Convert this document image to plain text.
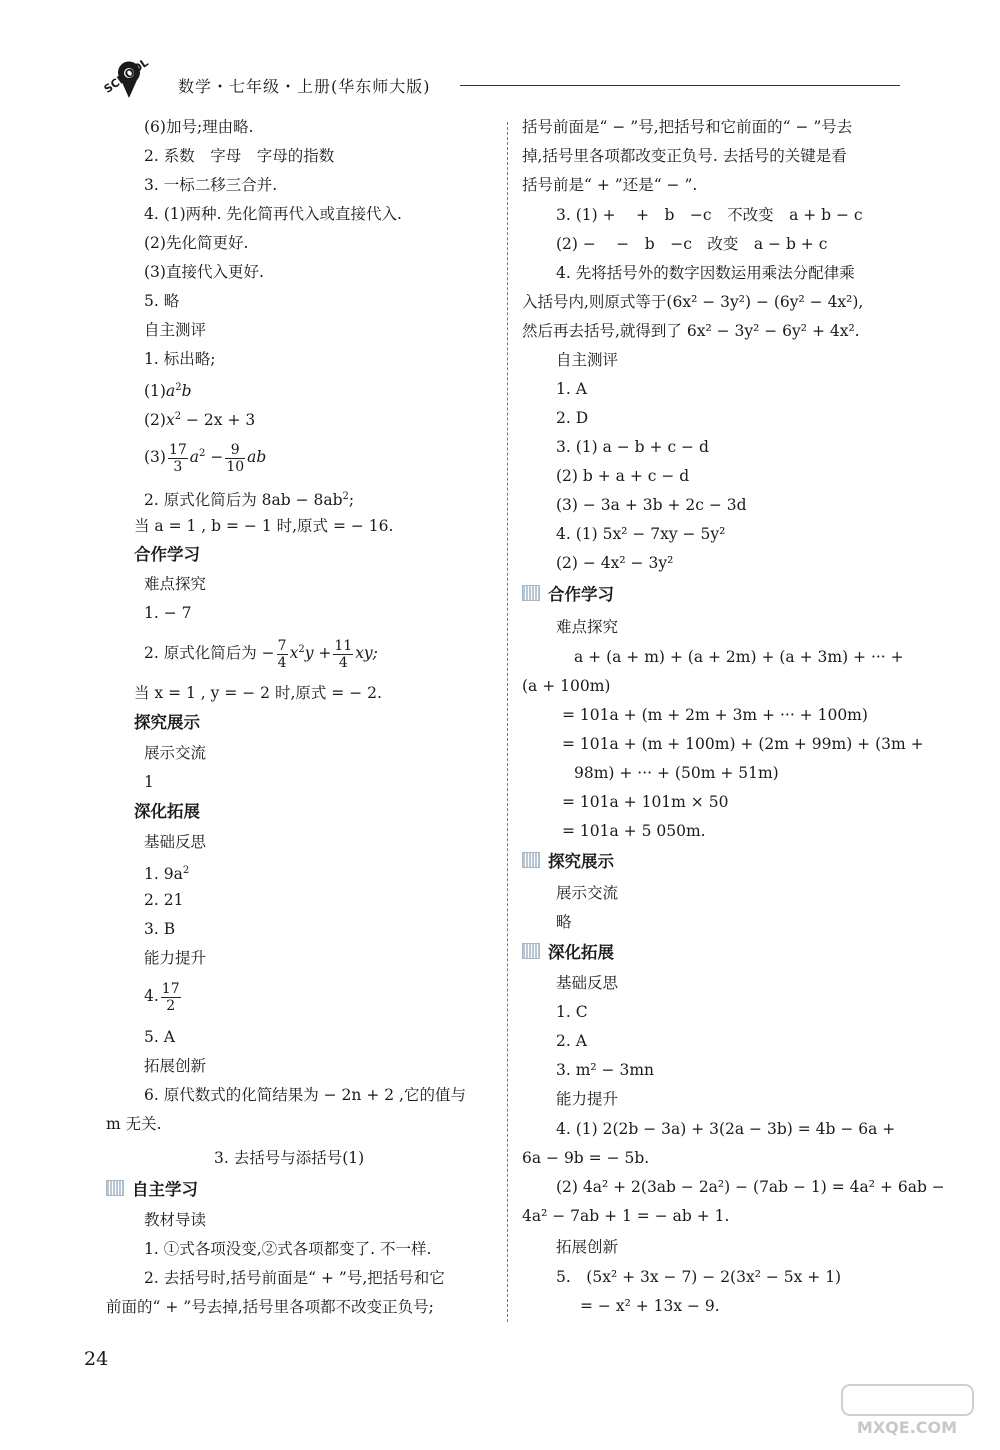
SCHOOL 数学・七年级・上册(华东师大版)
(6)加号;理由略.
2. 系数　字母　字母的指数
3. 一标二移三合并.
4. (1)两种. 先化简再代入或直接代入.
(2)先化简更好.
(3)直接代入更好.
5. 略
自主测评
1. 标出略;
$(1)a^2b$
$(2)x^2 - 2x + 3$
$(3) \frac{17}{3} a^2 - \frac{9}{10}$ ab
2. 原式化简后为 $8ab - 8ab^2$;
当 a = 1 , b = − 1 时,原式 = − 16.
合作学习
难点探究
1. − 7
2. 原式化简后为 − $\frac{7}{4} x^2y + \frac{11}{4}$ xy;
当 x = 1 , y = − 2 时,原式 = − 2.
探究展示
展示交流
1
深化拓展
基础反思
1. $9a^2$
2. 21
3. B
能力提升
4. $\frac{17}{2}$
5. A
拓展创新
6. 原代数式的化简结果为 − 2n + 2 ,它的值与
m 无关.
3. 去括号与添括号(1)
自主学习
教材导读
1. ①式各项没变,②式各项都变了. 不一样.
2. 去括号时,括号前面是“ + ”号,把括号和它
前面的“ + ”号去掉,括号里各项都不改变正负号;
括号前面是“ − ”号,把括号和它前面的“ − ”号去
掉,括号里各项都改变正负号. 去括号的关键是看
括号前是“ + ”还是“ − ”.
3. (1) +　 +　b　−c　不改变　a + b − c
(2) −　 −　b　−c　改变　a − b + c
4. 先将括号外的数字因数运用乘法分配律乘
入括号内,则原式等于(6x² − 3y²) − (6y² − 4x²),
然后再去括号,就得到了 6x² − 3y² − 6y² + 4x².
自主测评
1. A
2. D
3. (1) a − b + c − d
(2) b + a + c − d
(3) − 3a + 3b + 2c − 3d
4. (1) 5x² − 7xy − 5y²
(2) − 4x² − 3y²
合作学习
难点探究
a + (a + m) + (a + 2m) + (a + 3m) + ··· +
(a + 100m)
= 101a + (m + 2m + 3m + ··· + 100m)
= 101a + (m + 100m) + (2m + 99m) + (3m +
98m) + ··· + (50m + 51m)
= 101a + 101m × 50
= 101a + 5 050m.
探究展示
展示交流
略
深化拓展
基础反思
1. C
2. A
3. m² − 3mn
能力提升
4. (1) 2(2b − 3a) + 3(2a − 3b) = 4b − 6a +
6a − 9b = − 5b.
(2) 4a² + 2(3ab − 2a²) − (7ab − 1) = 4a² + 6ab −
4a² − 7ab + 1 = − ab + 1.
拓展创新
5.　(5x² + 3x − 7) − 2(3x² − 5x + 1)
= − x² + 13x − 9.
24
MXQE.COM
